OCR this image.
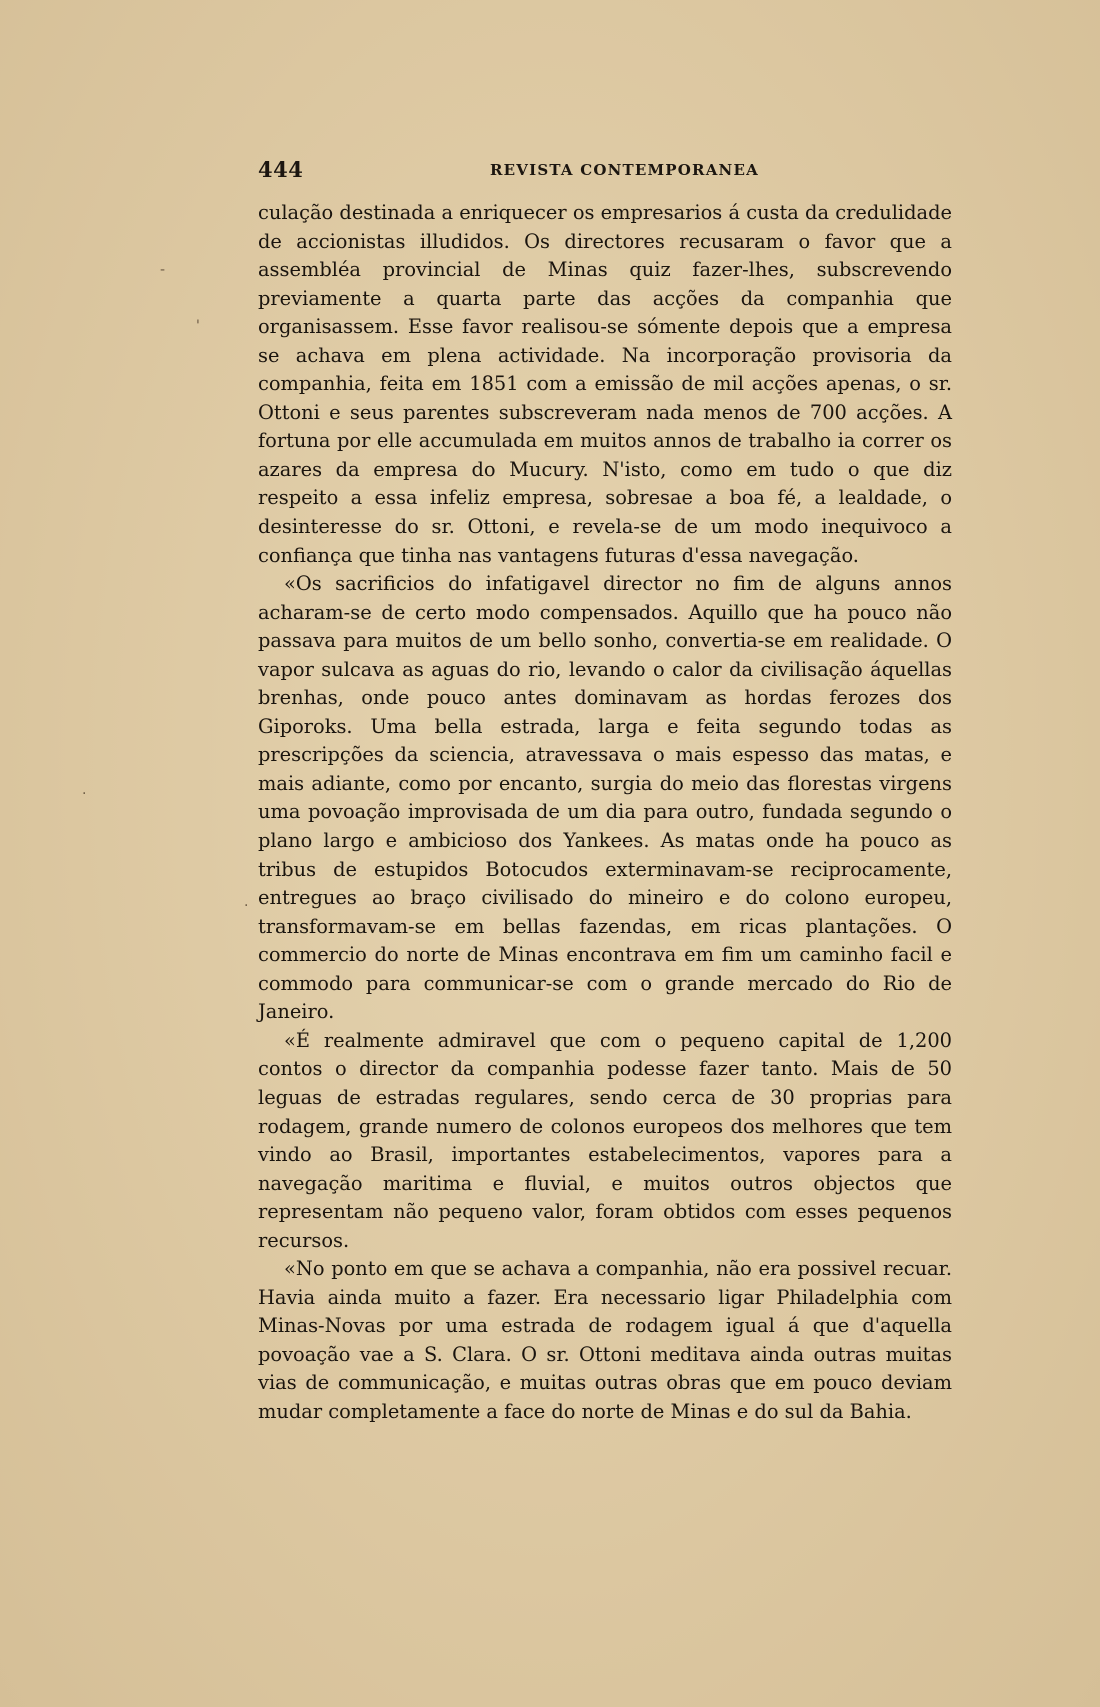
444	REVISTA CONTEMPORANEA

culação destinada a enriquecer os empresarios á custa da credulidade de accionistas illudidos. Os directores recusaram o favor que a assembléa provincial de Minas quiz fazer-lhes, subscrevendo previamente a quarta parte das acções da companhia que organisassem. Esse favor realisou-se sómente depois que a empresa se achava em plena actividade. Na incorporação provisoria da companhia, feita em 1851 com a emissão de mil acções apenas, o sr. Ottoni e seus parentes subscreveram nada menos de 700 acções. A fortuna por elle accumulada em muitos annos de trabalho ia correr os azares da empresa do Mucury. N'isto, como em tudo o que diz respeito a essa infeliz empresa, sobresae a boa fé, a lealdade, o desinteresse do sr. Ottoni, e revela-se de um modo inequivoco a confiança que tinha nas vantagens futuras d'essa navegação.

«Os sacrificios do infatigavel director no fim de alguns annos acharam-se de certo modo compensados. Aquillo que ha pouco não passava para muitos de um bello sonho, convertia-se em realidade. O vapor sulcava as aguas do rio, levando o calor da civilisação áquellas brenhas, onde pouco antes dominavam as hordas ferozes dos Giporoks. Uma bella estrada, larga e feita segundo todas as prescripções da sciencia, atravessava o mais espesso das matas, e mais adiante, como por encanto, surgia do meio das florestas virgens uma povoação improvisada de um dia para outro, fundada segundo o plano largo e ambicioso dos Yankees. As matas onde ha pouco as tribus de estupidos Botocudos exterminavam-se reciprocamente, entregues ao braço civilisado do mineiro e do colono europeu, transformavam-se em bellas fazendas, em ricas plantações. O commercio do norte de Minas encontrava em fim um caminho facil e commodo para communicar-se com o grande mercado do Rio de Janeiro.

«É realmente admiravel que com o pequeno capital de 1,200 contos o director da companhia podesse fazer tanto. Mais de 50 leguas de estradas regulares, sendo cerca de 30 proprias para rodagem, grande numero de colonos europeos dos melhores que tem vindo ao Brasil, importantes estabelecimentos, vapores para a navegação maritima e fluvial, e muitos outros objectos que representam não pequeno valor, foram obtidos com esses pequenos recursos.

«No ponto em que se achava a companhia, não era possivel recuar. Havia ainda muito a fazer. Era necessario ligar Philadelphia com Minas-Novas por uma estrada de rodagem igual á que d'aquella povoação vae a S. Clara. O sr. Ottoni meditava ainda outras muitas vias de communicação, e muitas outras obras que em pouco deviam mudar completamente a face do norte de Minas e do sul da Bahia.

-
'
·
·
